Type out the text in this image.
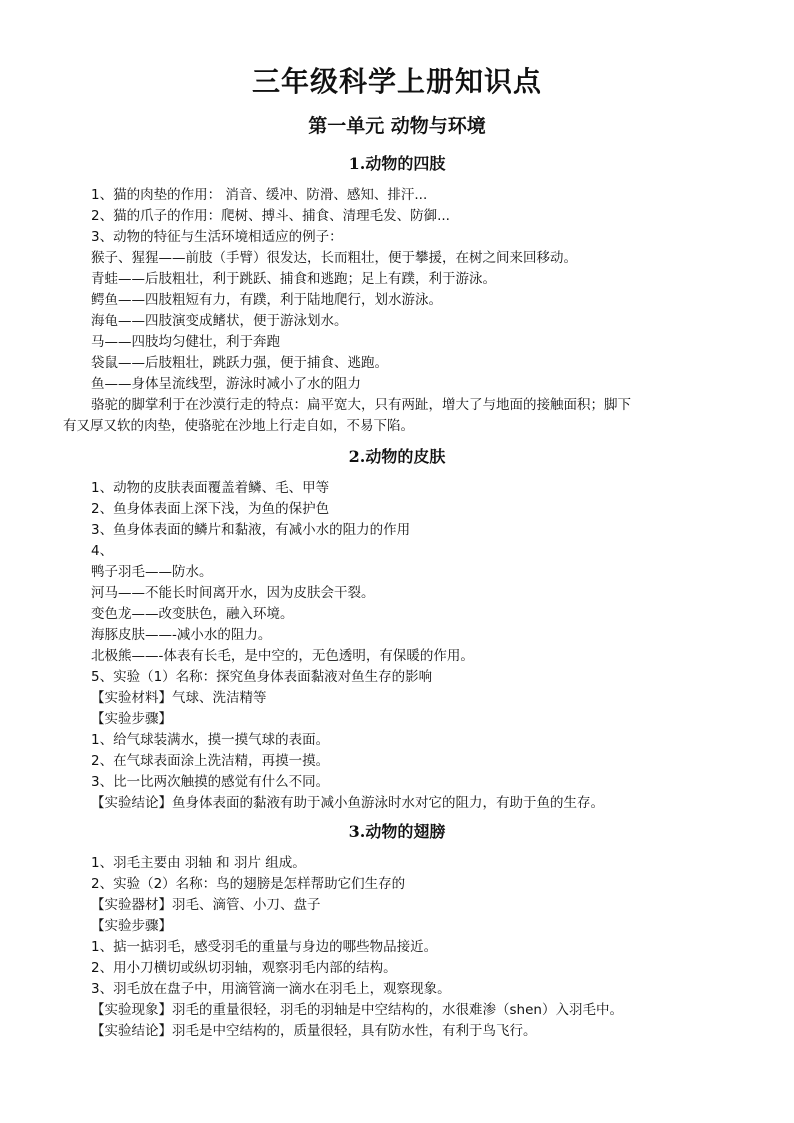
三年级科学上册知识点
第一单元 动物与环境
1.动物的四肢
1、猫的肉垫的作用： 消音、缓冲、防滑、感知、排汗...
2、猫的爪子的作用：爬树、搏斗、捕食、清理毛发、防御...
3、动物的特征与生活环境相适应的例子：
猴子、猩猩——前肢（手臂）很发达，长而粗壮，便于攀援，在树之间来回移动。
青蛙——后肢粗壮，利于跳跃、捕食和逃跑；足上有蹼，利于游泳。
鳄鱼——四肢粗短有力，有蹼，利于陆地爬行，划水游泳。
海龟——四肢演变成鳍状，便于游泳划水。
马——四肢均匀健壮，利于奔跑
袋鼠——后肢粗壮，跳跃力强，便于捕食、逃跑。
鱼——身体呈流线型，游泳时减小了水的阻力
骆驼的脚掌利于在沙漠行走的特点：扁平宽大，只有两趾，增大了与地面的接触面积；脚下
有又厚又软的肉垫，使骆驼在沙地上行走自如，不易下陷。
2.动物的皮肤
1、动物的皮肤表面覆盖着鳞、毛、甲等
2、鱼身体表面上深下浅，为鱼的保护色
3、鱼身体表面的鳞片和黏液，有减小水的阻力的作用
4、
鸭子羽毛——防水。
河马——不能长时间离开水，因为皮肤会干裂。
变色龙——改变肤色，融入环境。
海豚皮肤——-减小水的阻力。
北极熊——-体表有长毛，是中空的，无色透明，有保暖的作用。
5、实验（1）名称：探究鱼身体表面黏液对鱼生存的影响
【实验材料】气球、洗洁精等
【实验步骤】
1、给气球装满水，摸一摸气球的表面。
2、在气球表面涂上洗洁精，再摸一摸。
3、比一比两次触摸的感觉有什么不同。
【实验结论】鱼身体表面的黏液有助于减小鱼游泳时水对它的阻力，有助于鱼的生存。
3.动物的翅膀
1、羽毛主要由 羽轴 和 羽片 组成。
2、实验（2）名称：鸟的翅膀是怎样帮助它们生存的
【实验器材】羽毛、滴管、小刀、盘子
【实验步骤】
1、掂一掂羽毛，感受羽毛的重量与身边的哪些物品接近。
2、用小刀横切或纵切羽轴，观察羽毛内部的结构。
3、羽毛放在盘子中，用滴管滴一滴水在羽毛上，观察现象。
【实验现象】羽毛的重量很轻，羽毛的羽轴是中空结构的，水很难渗（shen）入羽毛中。
【实验结论】羽毛是中空结构的，质量很轻，具有防水性，有利于鸟飞行。
